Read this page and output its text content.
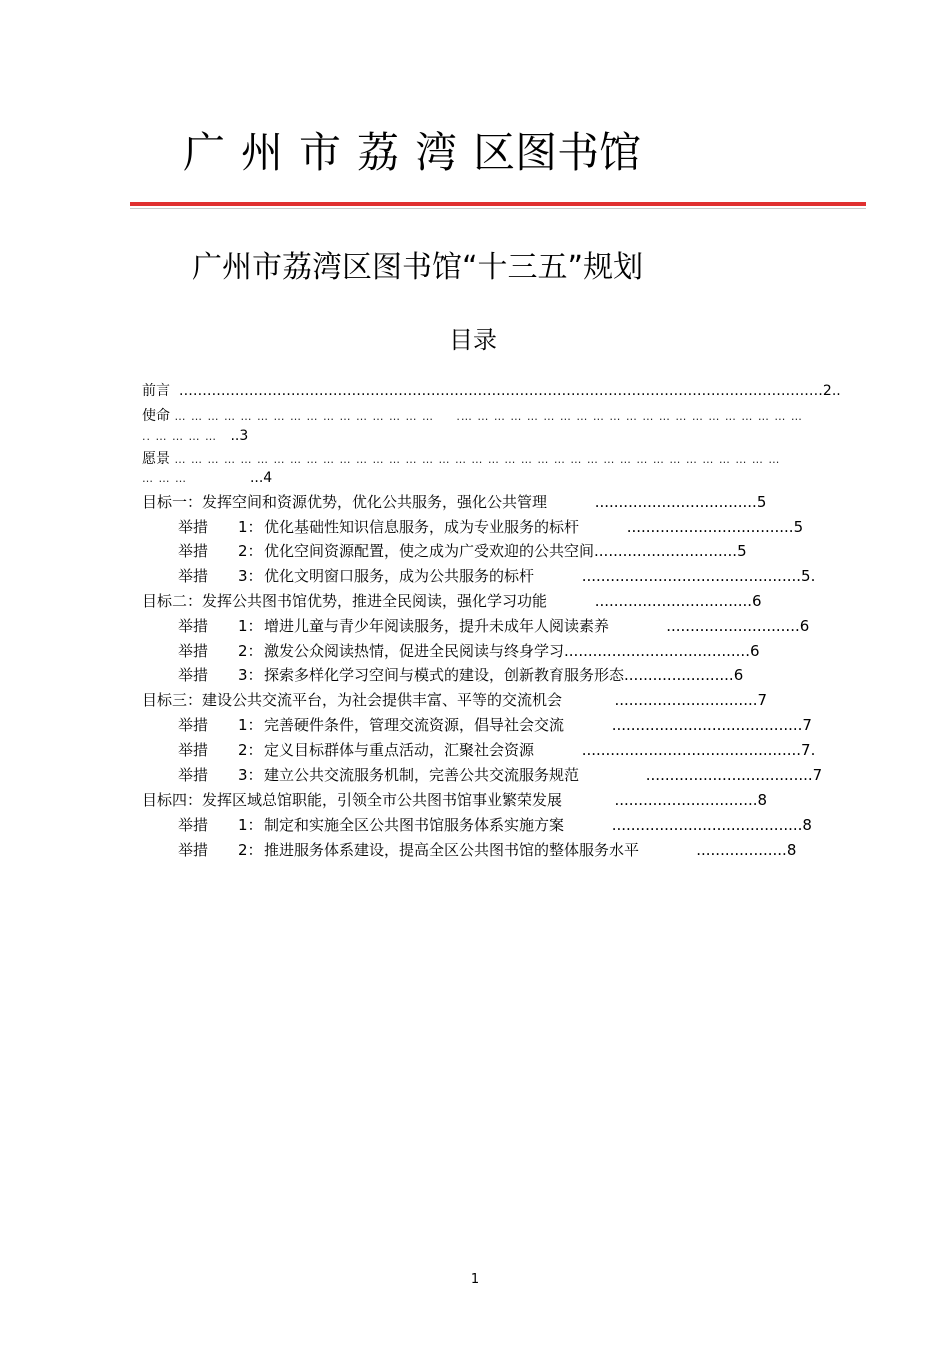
广 州 市 荔 湾 区图书馆
广州市荔湾区图书馆“十三五”规划
目录
前言  …………………………………………………………………………………………………………………………2..
使命 … … … … … … … … … … … … … … … …     .… … … … … … … … … … … … … … … … … … … … …
.. … … … …   ..3
愿景 … … … … … … … … … … … … … … … … … … … … … … … … … … … … … … … … … … … … …
… … …              ...4
目标一：发挥空间和资源优势，优化公共服务，强化公共管理          ..................................5
举措 1：优化基础性知识信息服务，成为专业服务的标杆          ...................................5
举措 2：优化空间资源配置，使之成为广受欢迎的公共空间..............................5
举措 3：优化文明窗口服务，成为公共服务的标杆          ..............................................5.
目标二：发挥公共图书馆优势，推进全民阅读，强化学习功能          .................................6
举措 1：增进儿童与青少年阅读服务，提升未成年人阅读素养            ............................6
举措 2：激发公众阅读热情，促进全民阅读与终身学习.......................................6
举措 3：探索多样化学习空间与模式的建设，创新教育服务形态.......................6
目标三：建设公共交流平台，为社会提供丰富、平等的交流机会           ..............................7
举措 1：完善硬件条件，管理交流资源，倡导社会交流          ........................................7
举措 2：定义目标群体与重点活动，汇聚社会资源          ..............................................7.
举措 3：建立公共交流服务机制，完善公共交流服务规范              ...................................7
目标四：发挥区域总馆职能，引领全市公共图书馆事业繁荣发展           ..............................8
举措 1：制定和实施全区公共图书馆服务体系实施方案          ........................................8
举措 2：推进服务体系建设，提高全区公共图书馆的整体服务水平            ...................8
1
